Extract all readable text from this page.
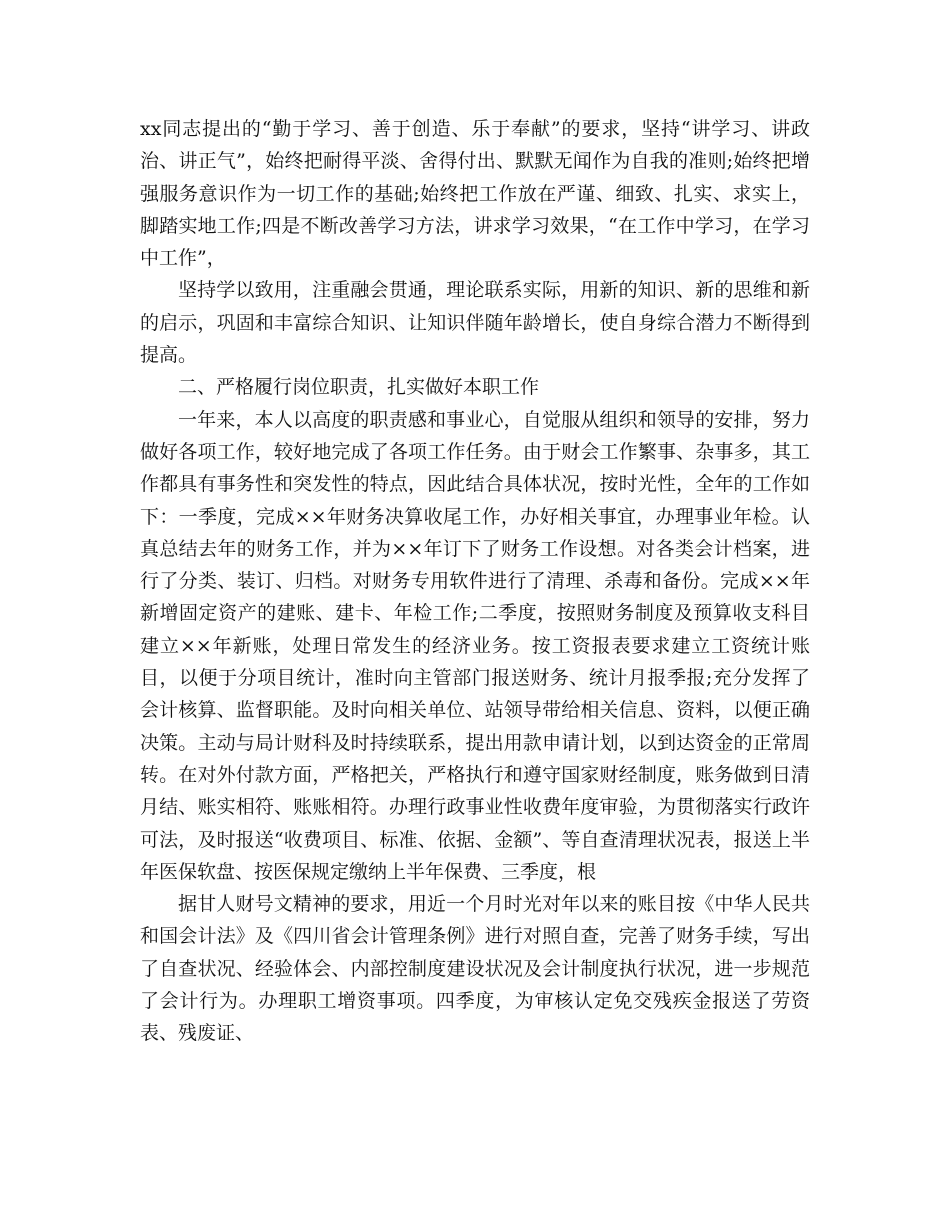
xx同志提出的“勤于学习、善于创造、乐于奉献”的要求，坚持“讲学习、讲政治、讲正气”，始终把耐得平淡、舍得付出、默默无闻作为自我的准则;始终把增强服务意识作为一切工作的基础;始终把工作放在严谨、细致、扎实、求实上，脚踏实地工作;四是不断改善学习方法，讲求学习效果，“在工作中学习，在学习中工作”，

坚持学以致用，注重融会贯通，理论联系实际，用新的知识、新的思维和新的启示，巩固和丰富综合知识、让知识伴随年龄增长，使自身综合潜力不断得到提高。

二、严格履行岗位职责，扎实做好本职工作

一年来，本人以高度的职责感和事业心，自觉服从组织和领导的安排，努力做好各项工作，较好地完成了各项工作任务。由于财会工作繁事、杂事多，其工作都具有事务性和突发性的特点，因此结合具体状况，按时光性，全年的工作如下：一季度，完成××年财务决算收尾工作，办好相关事宜，办理事业年检。认真总结去年的财务工作，并为××年订下了财务工作设想。对各类会计档案，进行了分类、装订、归档。对财务专用软件进行了清理、杀毒和备份。完成××年新增固定资产的建账、建卡、年检工作;二季度，按照财务制度及预算收支科目建立××年新账，处理日常发生的经济业务。按工资报表要求建立工资统计账目，以便于分项目统计，准时向主管部门报送财务、统计月报季报;充分发挥了会计核算、监督职能。及时向相关单位、站领导带给相关信息、资料，以便正确决策。主动与局计财科及时持续联系，提出用款申请计划，以到达资金的正常周转。在对外付款方面，严格把关，严格执行和遵守国家财经制度，账务做到日清月结、账实相符、账账相符。办理行政事业性收费年度审验，为贯彻落实行政许可法，及时报送“收费项目、标准、依据、金额”、等自查清理状况表，报送上半年医保软盘、按医保规定缴纳上半年保费、三季度，根

据甘人财号文精神的要求，用近一个月时光对年以来的账目按《中华人民共和国会计法》及《四川省会计管理条例》进行对照自查，完善了财务手续，写出了自查状况、经验体会、内部控制度建设状况及会计制度执行状况，进一步规范了会计行为。办理职工增资事项。四季度，为审核认定免交残疾金报送了劳资表、残废证、
